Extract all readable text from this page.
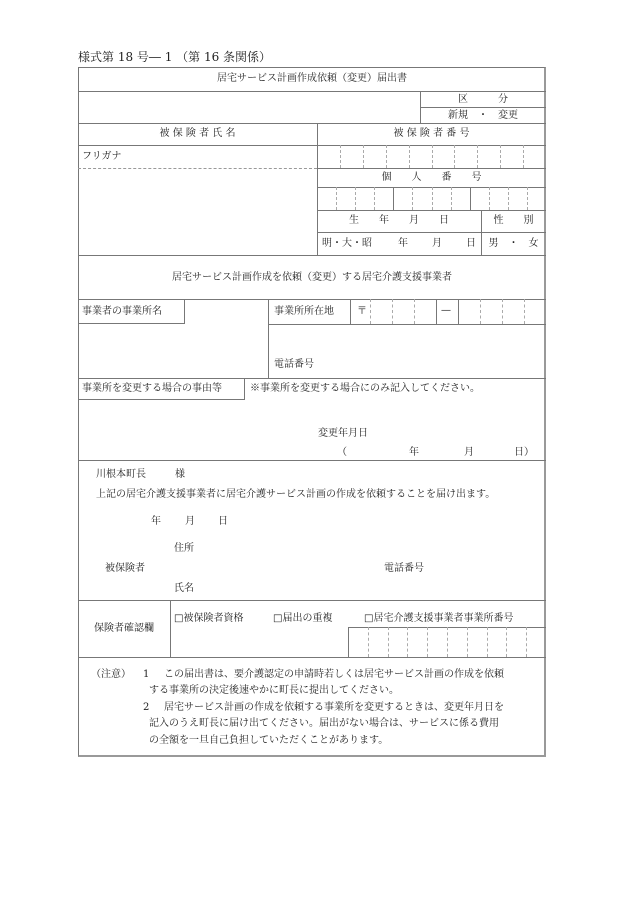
様式第 18 号― 1 （第 16 条関係）
居宅サービス計画作成依頼（変更）届出書
区　　　分
新規　・　変更
被 保 険 者 氏 名	被 保 険 者 番 号
フリガナ
個　　人　　番　　号
生　　年　　月　　日	性　　別
明・大・昭	年 月 日	男　・　女
居宅サービス計画作成を依頼（変更）する居宅介護支援事業者
事業者の事業所名	事業所所在地 〒	—
電話番号
事業所を変更する場合の事由等	※事業所を変更する場合にのみ記入してください。
変更年月日
（	年	月	日）
川根本町長	様
上記の居宅介護支援事業者に居宅介護サービス計画の作成を依頼することを届け出ます。
年 月 日
住所
被保険者	電話番号
氏名
保険者確認欄
□被保険者資格	□届出の重複	□居宅介護支援事業者事業所番号
（注意） 1 この届出書は、要介護認定の申請時若しくは居宅サービス計画の作成を依頼
する事業所の決定後速やかに町長に提出してください。
2 居宅サービス計画の作成を依頼する事業所を変更するときは、変更年月日を
記入のうえ町長に届け出てください。届出がない場合は、サービスに係る費用
の全額を一旦自己負担していただくことがあります。
